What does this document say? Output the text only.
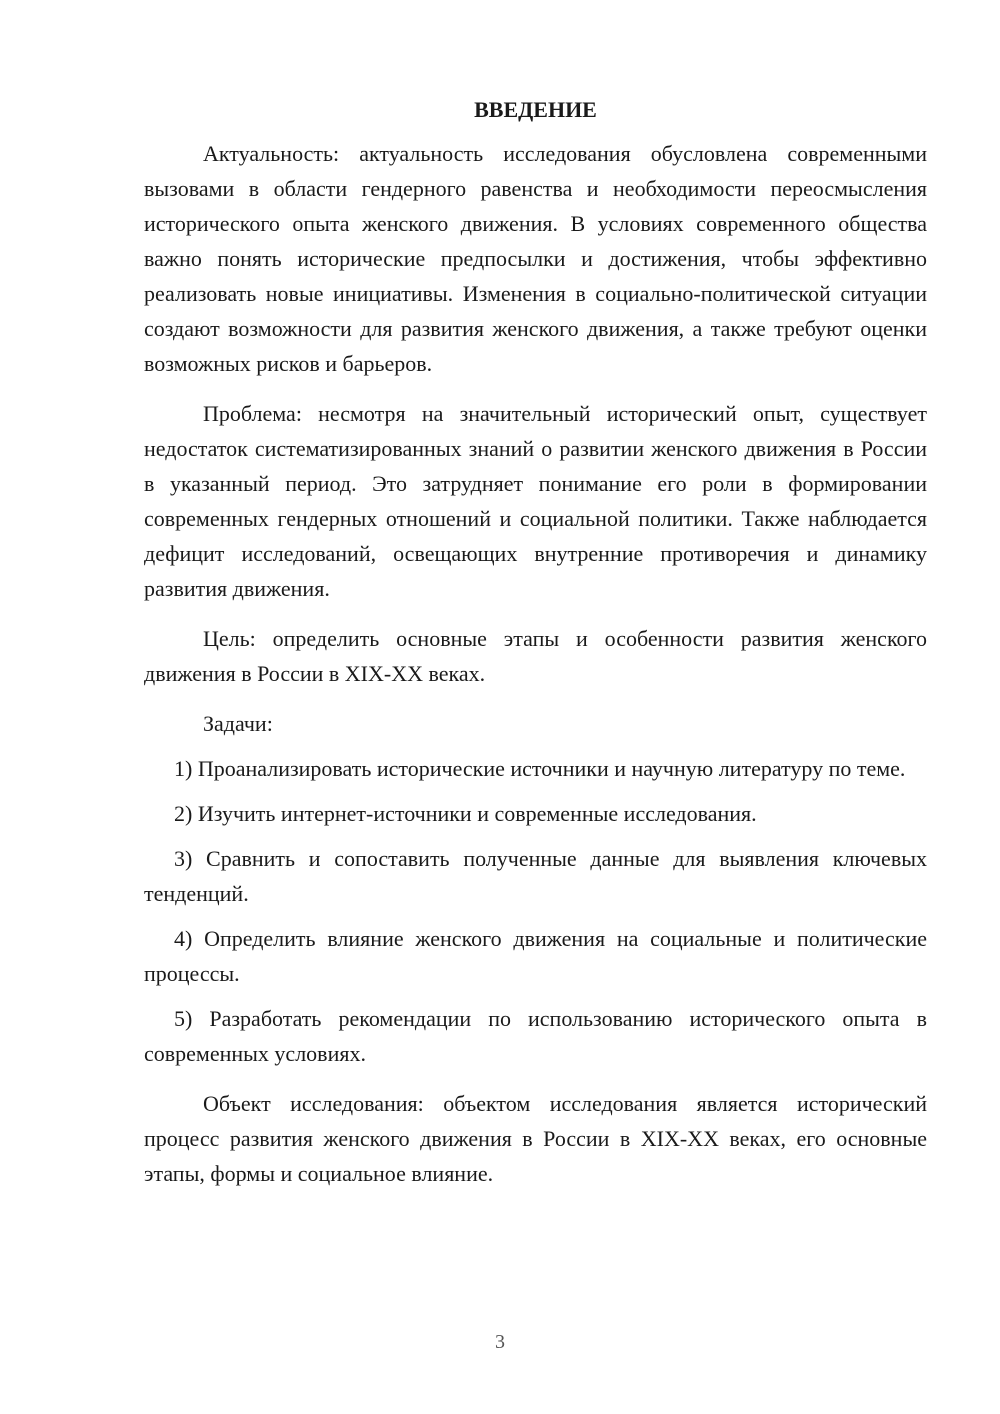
ВВЕДЕНИЕ

Актуальность: актуальность исследования обусловлена современными вызовами в области гендерного равенства и необходимости переосмысления исторического опыта женского движения. В условиях современного общества важно понять исторические предпосылки и достижения, чтобы эффективно реализовать новые инициативы. Изменения в социально-политической ситуации создают возможности для развития женского движения, а также требуют оценки возможных рисков и барьеров.

Проблема: несмотря на значительный исторический опыт, существует недостаток систематизированных знаний о развитии женского движения в России в указанный период. Это затрудняет понимание его роли в формировании современных гендерных отношений и социальной политики. Также наблюдается дефицит исследований, освещающих внутренние противоречия и динамику развития движения.

Цель: определить основные этапы и особенности развития женского движения в России в XIX-XX веках.

Задачи:

1) Проанализировать исторические источники и научную литературу по теме.

2) Изучить интернет-источники и современные исследования.

3) Сравнить и сопоставить полученные данные для выявления ключевых тенденций.

4) Определить влияние женского движения на социальные и политические процессы.

5) Разработать рекомендации по использованию исторического опыта в современных условиях.

Объект исследования: объектом исследования является исторический процесс развития женского движения в России в XIX-XX веках, его основные этапы, формы и социальное влияние.

3
